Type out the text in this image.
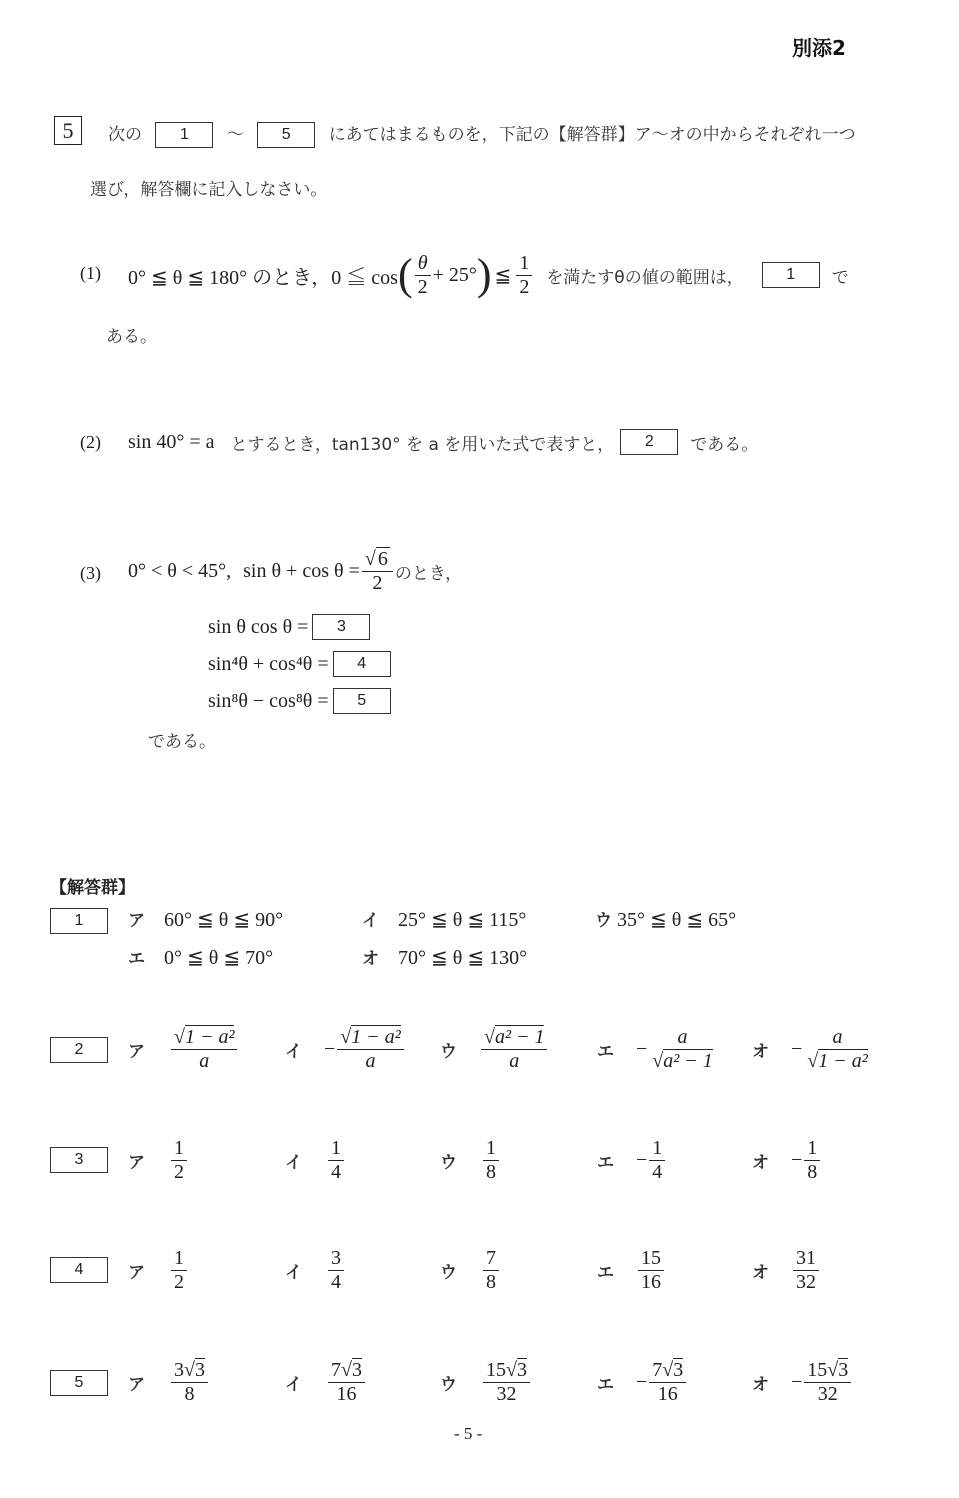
別添2
5	次の 1 ～ 5 にあてはまるものを，下記の【解答群】ア～オの中からそれぞれ一つ
選び，解答欄に記入しなさい。
(1) 0° ≦ θ ≦ 180° のとき，0 ≦ cos ( $\frac{\theta}{2} + 25^\circ$ ) ≦ $\frac{1}{2}$ を満たすθの値の範囲は，	1	で
ある。
(2) sin 40° = a とするとき， tan130° を a を用いた式で表すと，	2	である。
(3) 0° < θ < 45°, $\sin \theta + \cos \theta = \frac{√ 6}{2}$ のとき，
sin θ cos θ =	3
sin⁴θ + cos⁴θ =	4
sin⁸θ − cos⁸θ =	5
である。
【解答群】
1	ア 60° ≦ θ ≦ 90°	イ 25° ≦ θ ≦ 115°	ウ 35° ≦ θ ≦ 65°
エ 0° ≦ θ ≦ 70°	オ 70° ≦ θ ≦ 130°
2	ア $\frac{\text{√1 − a²}}{a}$	イ − $\frac{\text{√1 − a²}}{a}$ ウ $\frac{\text{√a² − 1}}{a}$	エ − $\frac{a}{\text{√a² − 1}}$ オ − $\frac{a}{\text{√1 − a²}}$
3	ア $\frac{1}{2}$	イ $\frac{1}{4}$	ウ $\frac{1}{8}$	エ − $\frac{1}{4}$	オ − $\frac{1}{8}$
4	ア $\frac{1}{2}$	イ $\frac{3}{4}$	ウ $\frac{7}{8}$	エ $\frac{15}{16}$	オ $\frac{31}{32}$
5	ア $\frac{3√3}{8}$	イ $\frac{7√3}{16}$	ウ $\frac{15√3}{32}$	エ − $\frac{7√3}{16}$	オ − $\frac{15√3}{32}$
- 5 -
